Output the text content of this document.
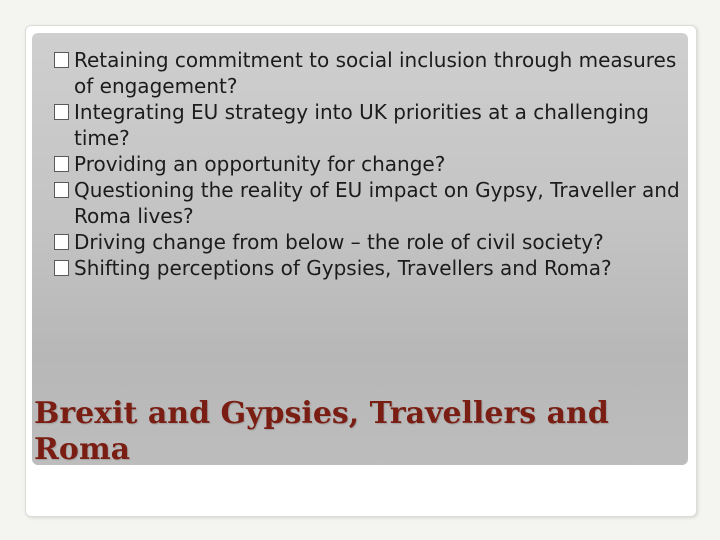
Retaining commitment to social inclusion through measures of engagement?
Integrating EU strategy into UK priorities at a challenging time?
Providing an opportunity for change?
Questioning the reality of EU impact on Gypsy, Traveller and Roma lives?
Driving change from below – the role of civil society?
Shifting perceptions of Gypsies, Travellers and Roma?
Brexit and Gypsies, Travellers and Roma
